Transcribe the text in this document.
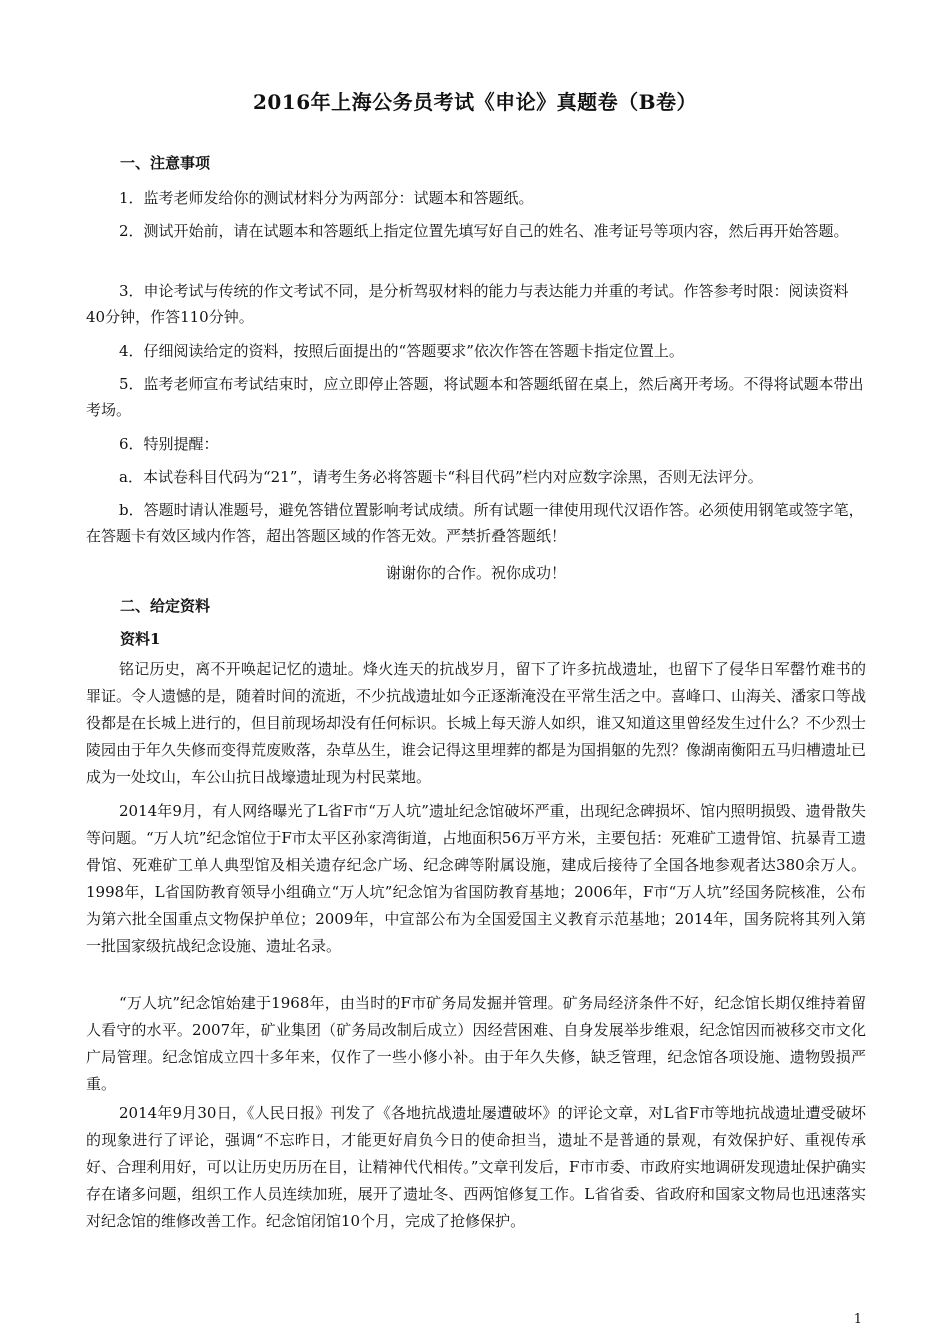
2016年上海公务员考试《申论》真题卷（B卷）
一、注意事项
1．监考老师发给你的测试材料分为两部分：试题本和答题纸。
2．测试开始前，请在试题本和答题纸上指定位置先填写好自己的姓名、准考证号等项内容，然后再开始答题。
3．申论考试与传统的作文考试不同，是分析驾驭材料的能力与表达能力并重的考试。作答参考时限：阅读资料40分钟，作答110分钟。
4．仔细阅读给定的资料，按照后面提出的“答题要求”依次作答在答题卡指定位置上。
5．监考老师宣布考试结束时，应立即停止答题，将试题本和答题纸留在桌上，然后离开考场。不得将试题本带出考场。
6．特别提醒：
a．本试卷科目代码为“21”，请考生务必将答题卡“科目代码”栏内对应数字涂黑，否则无法评分。
b．答题时请认准题号，避免答错位置影响考试成绩。所有试题一律使用现代汉语作答。必须使用钢笔或签字笔，在答题卡有效区域内作答，超出答题区域的作答无效。严禁折叠答题纸！
谢谢你的合作。祝你成功！
二、给定资料
资料1
铭记历史，离不开唤起记忆的遗址。烽火连天的抗战岁月，留下了许多抗战遗址，也留下了侵华日军罄竹难书的罪证。令人遗憾的是，随着时间的流逝，不少抗战遗址如今正逐渐淹没在平常生活之中。喜峰口、山海关、潘家口等战役都是在长城上进行的，但目前现场却没有任何标识。长城上每天游人如织，谁又知道这里曾经发生过什么？不少烈士陵园由于年久失修而变得荒废败落，杂草丛生，谁会记得这里埋葬的都是为国捐躯的先烈？像湖南衡阳五马归槽遗址已成为一处坟山，车公山抗日战壕遗址现为村民菜地。
2014年9月，有人网络曝光了L省F市“万人坑”遗址纪念馆破坏严重，出现纪念碑损坏、馆内照明损毁、遗骨散失等问题。“万人坑”纪念馆位于F市太平区孙家湾街道，占地面积56万平方米，主要包括：死难矿工遗骨馆、抗暴青工遗骨馆、死难矿工单人典型馆及相关遗存纪念广场、纪念碑等附属设施，建成后接待了全国各地参观者达380余万人。1998年，L省国防教育领导小组确立“万人坑”纪念馆为省国防教育基地；2006年，F市“万人坑”经国务院核准，公布为第六批全国重点文物保护单位；2009年，中宣部公布为全国爱国主义教育示范基地；2014年，国务院将其列入第一批国家级抗战纪念设施、遗址名录。
“万人坑”纪念馆始建于1968年，由当时的F市矿务局发掘并管理。矿务局经济条件不好，纪念馆长期仅维持着留人看守的水平。2007年，矿业集团（矿务局改制后成立）因经营困难、自身发展举步维艰，纪念馆因而被移交市文化广局管理。纪念馆成立四十多年来，仅作了一些小修小补。由于年久失修，缺乏管理，纪念馆各项设施、遗物毁损严重。
2014年9月30日，《人民日报》刊发了《各地抗战遗址屡遭破坏》的评论文章，对L省F市等地抗战遗址遭受破坏的现象进行了评论，强调“不忘昨日，才能更好肩负今日的使命担当，遗址不是普通的景观，有效保护好、重视传承好、合理利用好，可以让历史历历在目，让精神代代相传。”文章刊发后，F市市委、市政府实地调研发现遗址保护确实存在诸多问题，组织工作人员连续加班，展开了遗址冬、西两馆修复工作。L省省委、省政府和国家文物局也迅速落实对纪念馆的维修改善工作。纪念馆闭馆10个月，完成了抢修保护。
1
